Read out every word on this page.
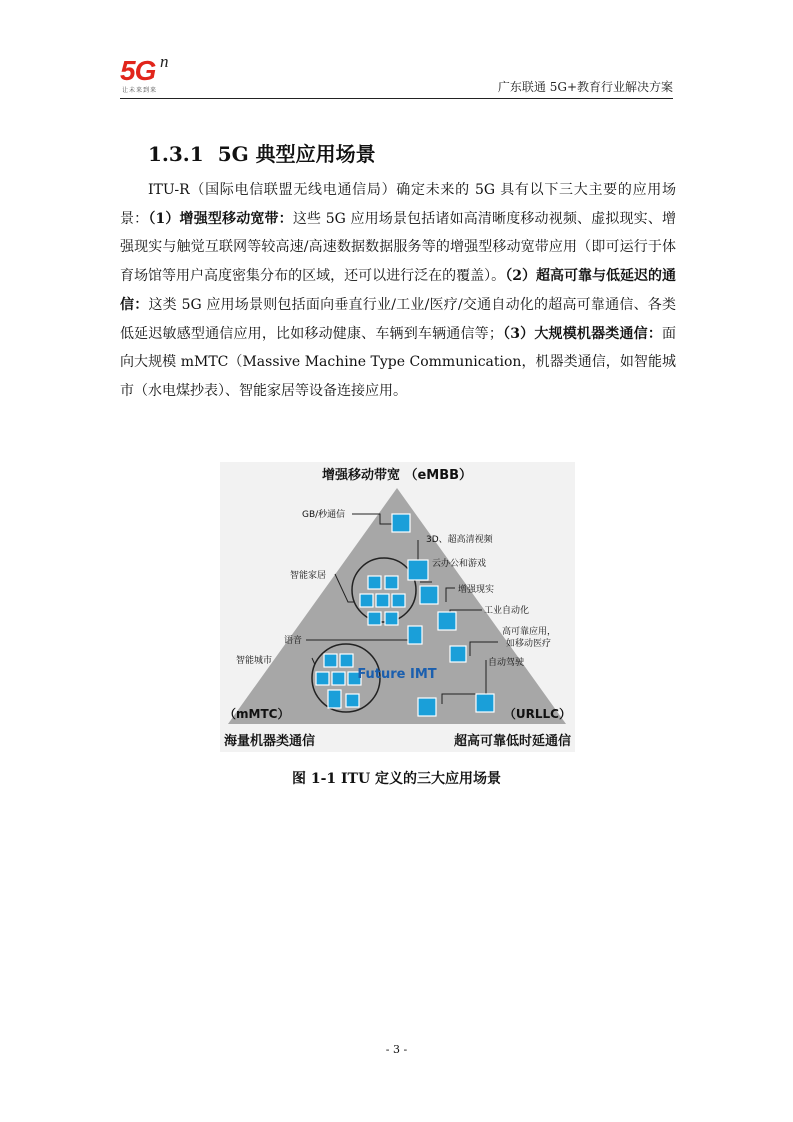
5G n
让未来到来	广东联通 5G+教育行业解决方案
1.3.1 5G 典型应用场景
ITU-R（国际电信联盟无线电通信局）确定未来的 5G 具有以下三大主要的应用场景：（1）增强型移动宽带：这些 5G 应用场景包括诸如高清晰度移动视频、虚拟现实、增强现实与触觉互联网等较高速/高速数据数据服务等的增强型移动宽带应用（即可运行于体育场馆等用户高度密集分布的区域，还可以进行泛在的覆盖）。（2）超高可靠与低延迟的通信：这类 5G 应用场景则包括面向垂直行业/工业/医疗/交通自动化的超高可靠通信、各类低延迟敏感型通信应用，比如移动健康、车辆到车辆通信等；（3）大规模机器类通信：面向大规模 mMTC（Massive Machine Type Communication，机器类通信，如智能城市（水电煤抄表）、智能家居等设备连接应用。
增强移动带宽 （eMBB）
Future IMT
（mMTC）	（URLLC）
海量机器类通信	超高可靠低时延通信
GB/秒通信
3D、超高清视频
云办公和游戏
智能家居
增强现实
工业自动化
语音
高可靠应用，
如移动医疗
智能城市	自动驾驶
图 1-1 ITU 定义的三大应用场景
- 3 -
